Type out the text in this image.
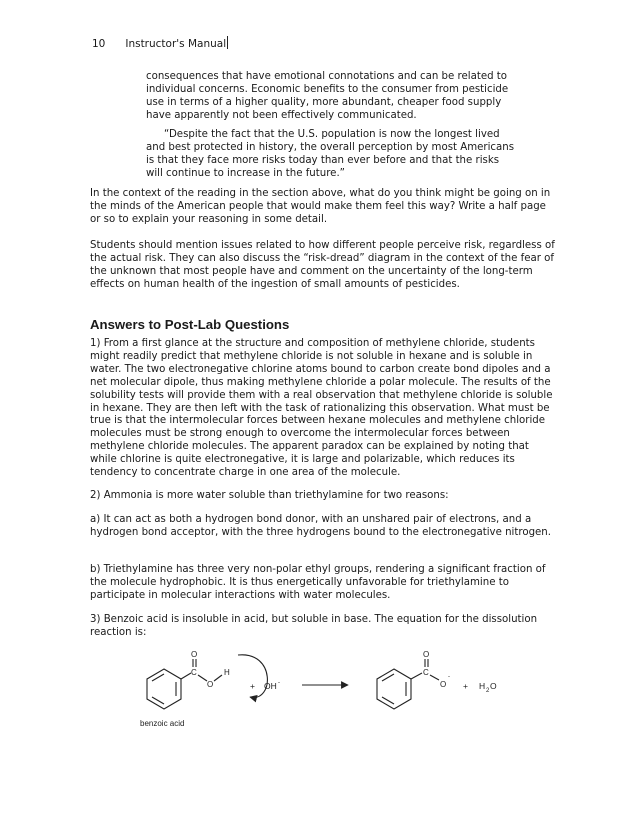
10 Instructor's Manual

consequences that have emotional connotations and can be related to individual concerns. Economic benefits to the consumer from pesticide use in terms of a higher quality, more abundant, cheaper food supply have apparently not been effectively communicated.

“Despite the fact that the U.S. population is now the longest lived and best protected in history, the overall perception by most Americans is that they face more risks today than ever before and that the risks will continue to increase in the future.”

In the context of the reading in the section above, what do you think might be going on in the minds of the American people that would make them feel this way? Write a half page or so to explain your reasoning in some detail.

Students should mention issues related to how different people perceive risk, regardless of the actual risk. They can also discuss the “risk-dread” diagram in the context of the fear of the unknown that most people have and comment on the uncertainty of the long-term effects on human health of the ingestion of small amounts of pesticides.

Answers to Post-Lab Questions

1) From a first glance at the structure and composition of methylene chloride, students might readily predict that methylene chloride is not soluble in hexane and is soluble in water. The two electronegative chlorine atoms bound to carbon create bond dipoles and a net molecular dipole, thus making methylene chloride a polar molecule. The results of the solubility tests will provide them with a real observation that methylene chloride is soluble in hexane. They are then left with the task of rationalizing this observation. What must be true is that the intermolecular forces between hexane molecules and methylene chloride molecules must be strong enough to overcome the intermolecular forces between methylene chloride molecules. The apparent paradox can be explained by noting that while chlorine is quite electronegative, it is large and polarizable, which reduces its tendency to concentrate charge in one area of the molecule.

2) Ammonia is more water soluble than triethylamine for two reasons:

a) It can act as both a hydrogen bond donor, with an unshared pair of electrons, and a hydrogen bond acceptor, with the three hydrogens bound to the electronegative nitrogen.

b) Triethylamine has three very non-polar ethyl groups, rendering a significant fraction of the molecule hydrophobic. It is thus energetically unfavorable for triethylamine to participate in molecular interactions with water molecules.

3) Benzoic acid is insoluble in acid, but soluble in base. The equation for the dissolution reaction is:

O
C
O
H
benzoic acid
+ OH -
O
C
O
-
+ H 2 O
